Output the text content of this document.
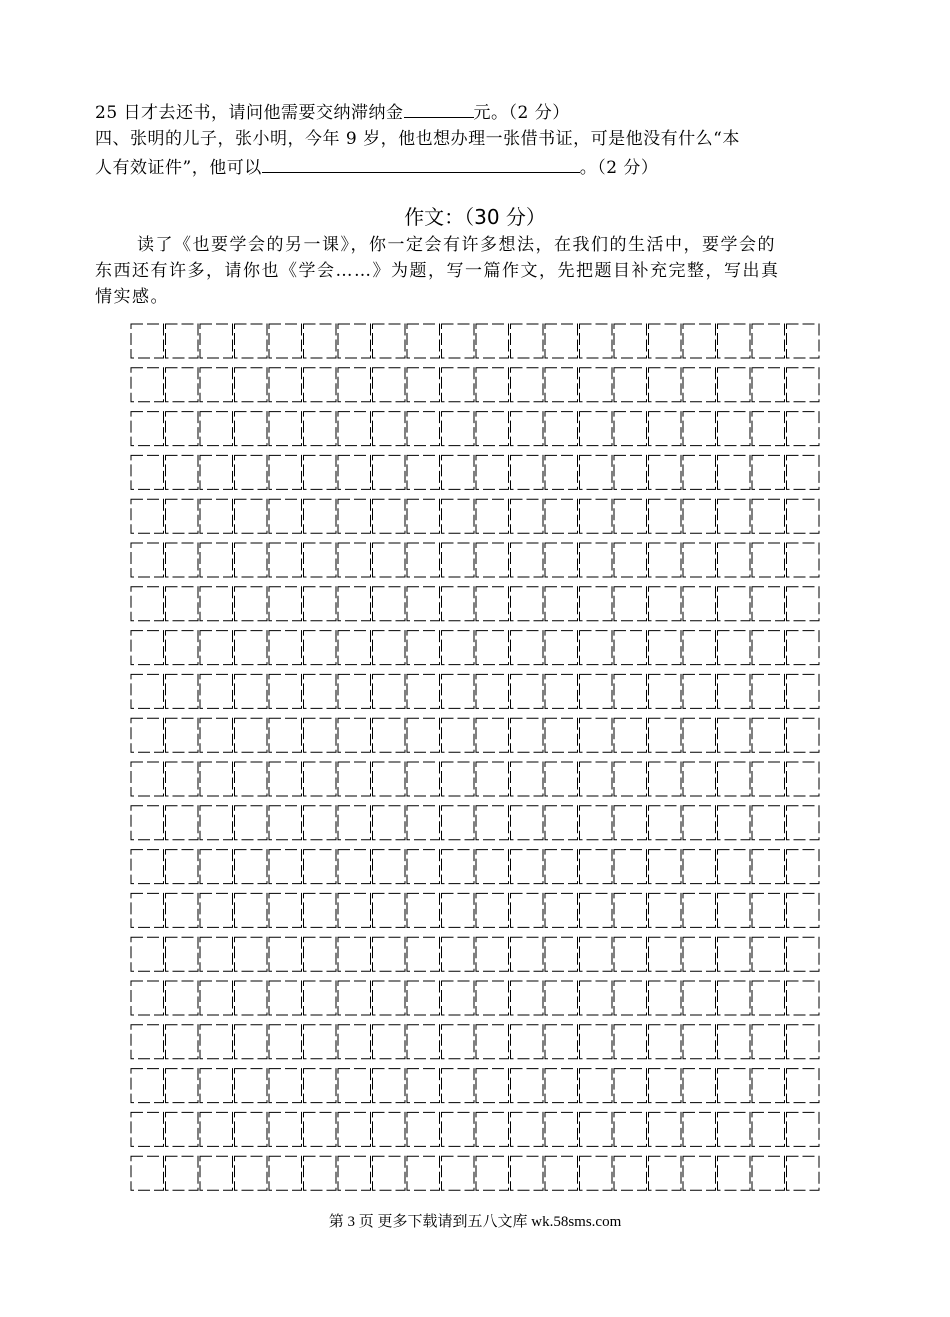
25 日才去还书，请问他需要交纳滞纳金	元。（2 分）
四、张明的儿子，张小明，今年 9 岁，他也想办理一张借书证，可是他没有什么“本
人有效证件”，他可以	。（2 分）
作文：（30 分）
读了《也要学会的另一课》，你一定会有许多想法，在我们的生活中，要学会的
东西还有许多，请你也《学会……》为题，写一篇作文，先把题目补充完整，写出真
情实感。
第 3 页 更多下载请到五八文库 wk.58sms.com
